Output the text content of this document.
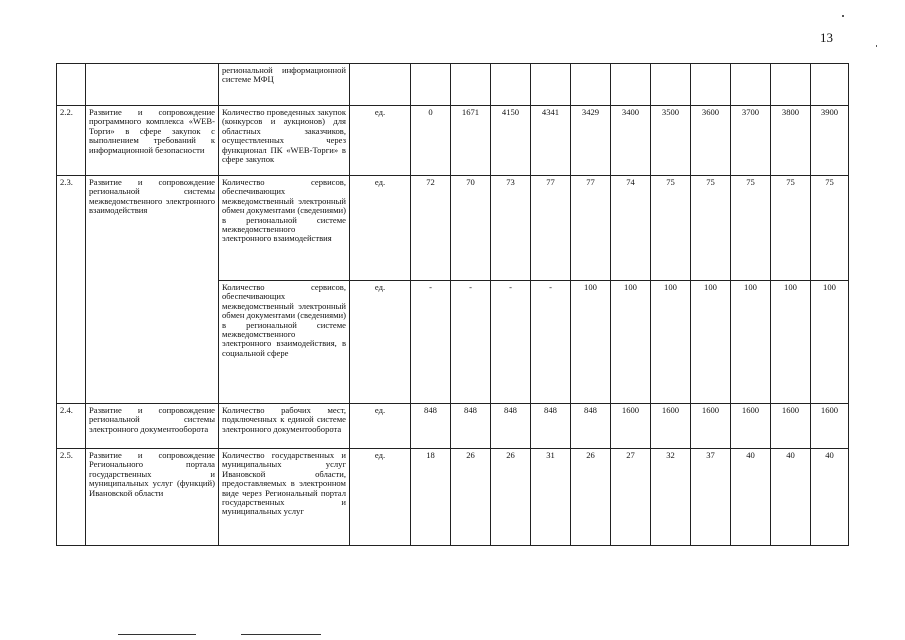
13
		региональной информационной системе МФЦ												
2.2.	Развитие и сопровождение программного комплекса «WEB-Торги» в сфере закупок с выполнением требований к информационной безопасности	Количество проведенных закупок (конкурсов и аукционов) для областных заказчиков, осуществленных через функционал ПК «WEB-Торги» в сфере закупок	ед.	0	1671	4150	4341	3429	3400	3500	3600	3700	3800	3900
2.3.	Развитие и сопровождение региональной системы межведомственного электронного взаимодействия	Количество сервисов, обеспечивающих межведомственный электронный обмен документами (сведениями) в региональной системе межведомственного электронного взаимодействия	ед.	72	70	73	77	77	74	75	75	75	75	75
		Количество сервисов, обеспечивающих межведомственный электронный обмен документами (сведениями) в региональной системе межведомственного электронного взаимодействия, в социальной сфере	ед.	-	-	-	-	100	100	100	100	100	100	100
2.4.	Развитие и сопровождение региональной системы электронного документооборота	Количество рабочих мест, подключенных к единой системе электронного документооборота	ед.	848	848	848	848	848	1600	1600	1600	1600	1600	1600
2.5.	Развитие и сопровождение Регионального портала государственных и муниципальных услуг (функций) Ивановской области	Количество государственных и муниципальных услуг Ивановской области, предоставляемых в электронном виде через Региональный портал государственных и муниципальных услуг	ед.	18	26	26	31	26	27	32	37	40	40	40
